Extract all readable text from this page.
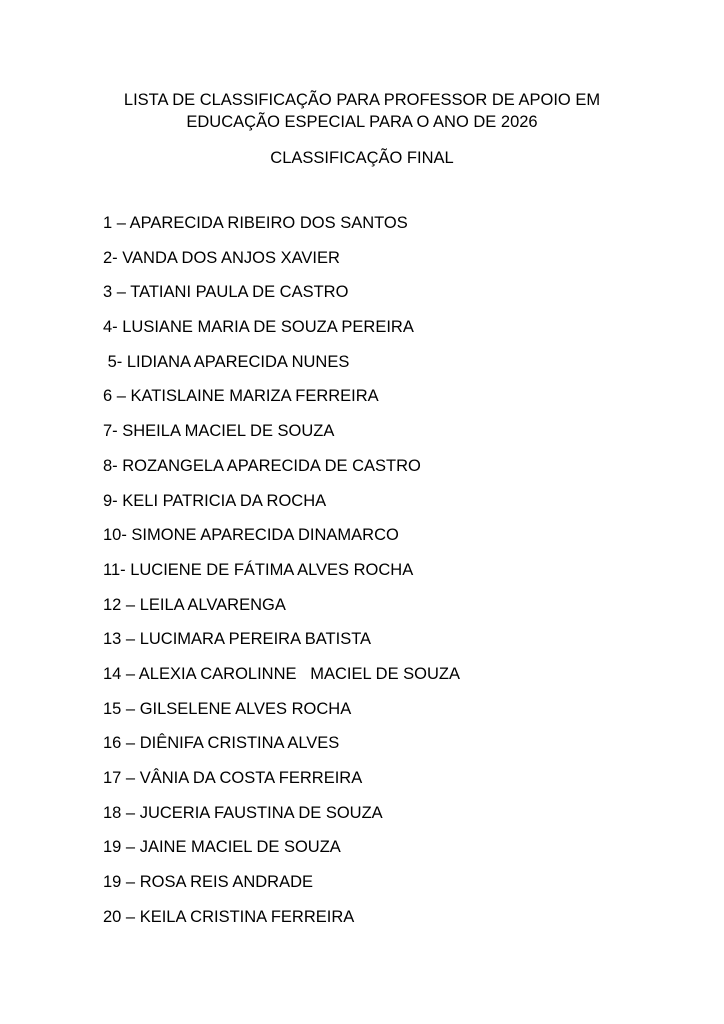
LISTA DE CLASSIFICAÇÃO PARA PROFESSOR DE APOIO EM

EDUCAÇÃO ESPECIAL PARA O ANO DE 2026

CLASSIFICAÇÃO FINAL
1 – APARECIDA RIBEIRO DOS SANTOS
2- VANDA DOS ANJOS XAVIER
3 – TATIANI PAULA DE CASTRO
4- LUSIANE MARIA DE SOUZA PEREIRA
5- LIDIANA APARECIDA NUNES
6 – KATISLAINE MARIZA FERREIRA
7- SHEILA MACIEL DE SOUZA
8- ROZANGELA APARECIDA DE CASTRO
9- KELI PATRICIA DA ROCHA
10- SIMONE APARECIDA DINAMARCO
11- LUCIENE DE FÁTIMA ALVES ROCHA
12 – LEILA ALVARENGA
13 – LUCIMARA PEREIRA BATISTA
14 – ALEXIA CAROLINNE   MACIEL DE SOUZA
15 – GILSELENE ALVES ROCHA
16 – DIÊNIFA CRISTINA ALVES
17 – VÂNIA DA COSTA FERREIRA
18 – JUCERIA FAUSTINA DE SOUZA
19 – JAINE MACIEL DE SOUZA
19 – ROSA REIS ANDRADE
20 – KEILA CRISTINA FERREIRA
